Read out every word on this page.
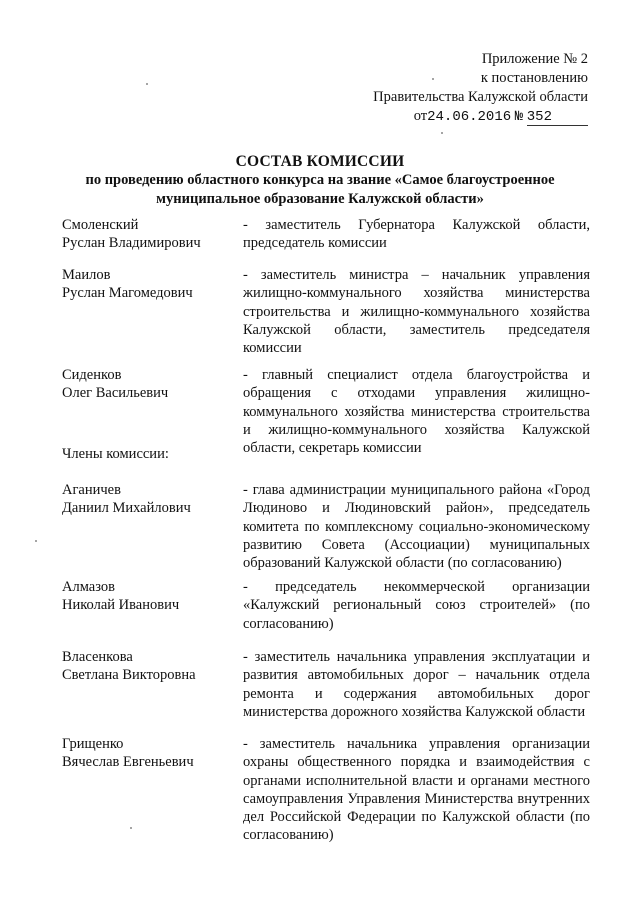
Приложение № 2
к постановлению
Правительства Калужской области
от24.06.2016 № 352
СОСТАВ КОМИССИИ
по проведению областного конкурса на звание «Самое благоустроенное
муниципальное образование Калужской области»
Смоленский
Руслан Владимирович
- заместитель Губернатора Калужской области, председатель комиссии
Маилов
Руслан Магомедович
- заместитель министра – начальник управления жилищно-коммунального хозяйства министерства строительства и жилищно-коммунального хозяйства Калужской области, заместитель председателя комиссии
Сиденков
Олег Васильевич
- главный специалист отдела благоустройства и обращения с отходами управления жилищно-коммунального хозяйства министерства строительства и жилищно-коммунального хозяйства Калужской области, секретарь комиссии
Члены комиссии:
Аганичев
Даниил Михайлович
- глава администрации муниципального района «Город Людиново и Людиновский район», председатель комитета по комплексному социально-экономическому развитию Совета (Ассоциации) муниципальных образований Калужской области (по согласованию)
Алмазов
Николай Иванович
- председатель некоммерческой организации «Калужский региональный союз строителей» (по согласованию)
Власенкова
Светлана Викторовна
- заместитель начальника управления эксплуатации и развития автомобильных дорог – начальник отдела ремонта и содержания автомобильных дорог министерства дорожного хозяйства Калужской области
Грищенко
Вячеслав Евгеньевич
- заместитель начальника управления организации охраны общественного порядка и взаимодействия с органами исполнительной власти и органами местного самоуправления Управления Министерства внутренних дел Российской Федерации по Калужской области (по согласованию)
